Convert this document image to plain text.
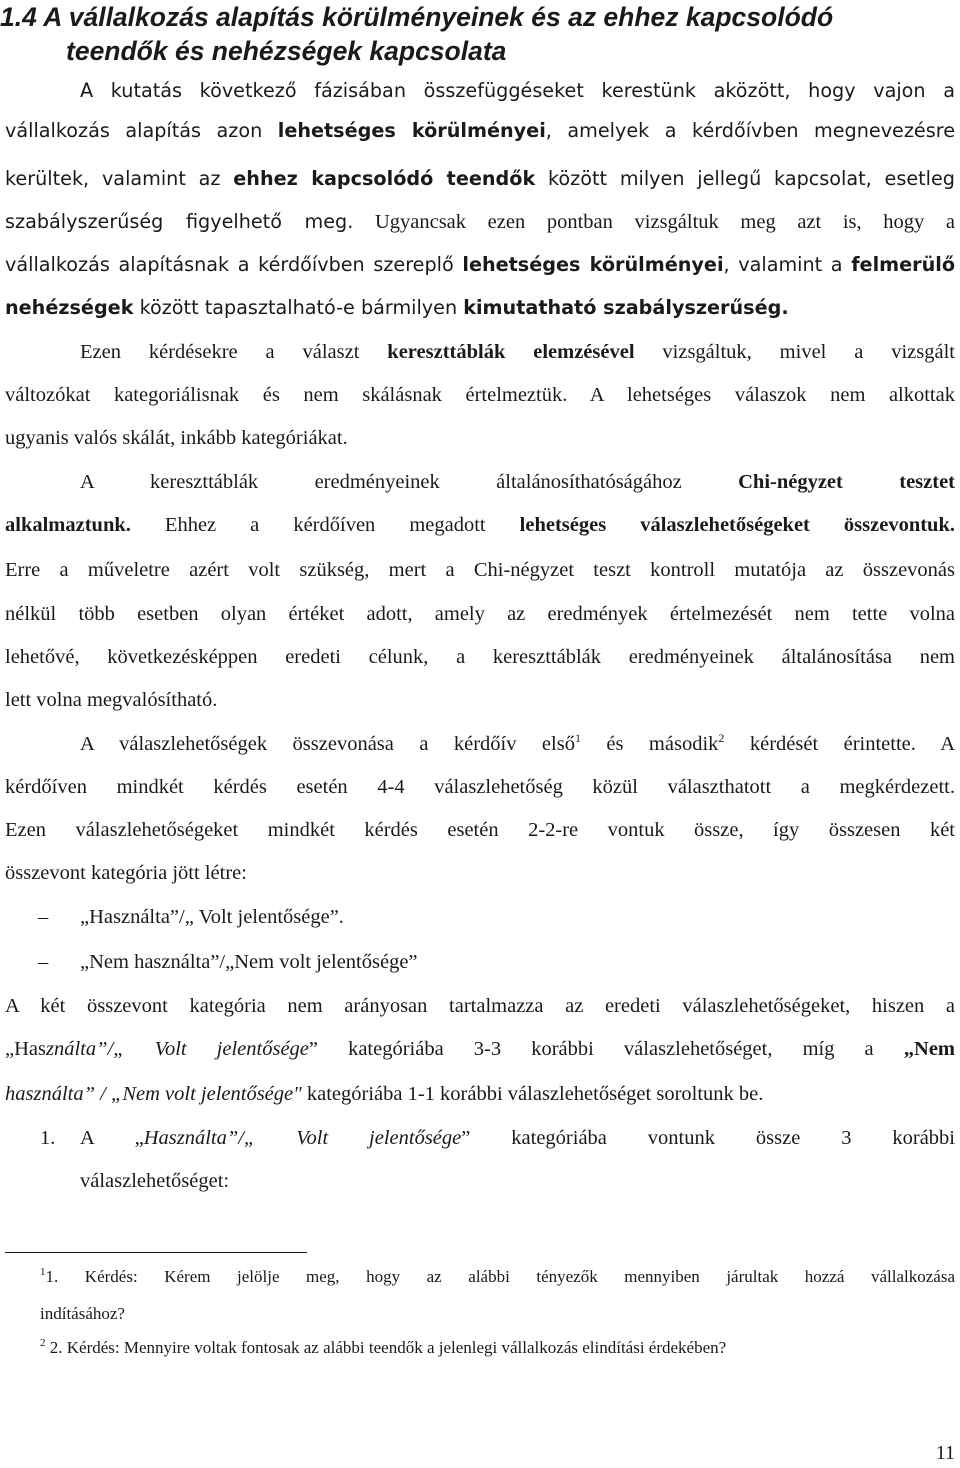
1.4 A vállalkozás alapítás körülményeinek és az ehhez kapcsolódó
teendők és nehézségek kapcsolata
A kutatás következő fázisában összefüggéseket kerestünk aközött, hogy vajon a
vállalkozás alapítás azon lehetséges körülményei, amelyek a kérdőívben megnevezésre
kerültek, valamint az ehhez kapcsolódó teendők között milyen jellegű kapcsolat, esetleg
szabályszerűség figyelhető meg. Ugyancsak ezen pontban vizsgáltuk meg azt is, hogy a
vállalkozás alapításnak a kérdőívben szereplő lehetséges körülményei, valamint a felmerülő
nehézségek között tapasztalható-e bármilyen kimutatható szabályszerűség.
Ezen kérdésekre a választ kereszttáblák elemzésével vizsgáltuk, mivel a vizsgált
változókat kategoriálisnak és nem skálásnak értelmeztük. A lehetséges válaszok nem alkottak
ugyanis valós skálát, inkább kategóriákat.
A kereszttáblák eredményeinek általánosíthatóságához Chi-négyzet tesztet
alkalmaztunk. Ehhez a kérdőíven megadott lehetséges válaszlehetőségeket összevontuk.
Erre a műveletre azért volt szükség, mert a Chi-négyzet teszt kontroll mutatója az összevonás
nélkül több esetben olyan értéket adott, amely az eredmények értelmezését nem tette volna
lehetővé, következésképpen eredeti célunk, a kereszttáblák eredményeinek általánosítása nem
lett volna megvalósítható.
A válaszlehetőségek összevonása a kérdőív első$^1$ és második$^2$ kérdését érintette. A
kérdőíven mindkét kérdés esetén 4-4 válaszlehetőség közül választhatott a megkérdezett.
Ezen válaszlehetőségeket mindkét kérdés esetén 2-2-re vontuk össze, így összesen két
összevont kategória jött létre:
–	„Használta”/„ Volt jelentősége”.
–	„Nem használta”/„Nem volt jelentősége”
A két összevont kategória nem arányosan tartalmazza az eredeti válaszlehetőségeket, hiszen a
„Használta”/„ Volt jelentősége” kategóriába 3-3 korábbi válaszlehetőséget, míg a „Nem
használta” / „Nem volt jelentősége" kategóriába 1-1 korábbi válaszlehetőséget soroltunk be.
1. A „Használta”/„ Volt jelentősége” kategóriába vontunk össze 3 korábbi
válaszlehetőséget:
$^1$1. Kérdés: Kérem jelölje meg, hogy az alábbi tényezők mennyiben járultak hozzá vállalkozása
indításához?
$^2$ 2. Kérdés: Mennyire voltak fontosak az alábbi teendők a jelenlegi vállalkozás elindítási érdekében?
11
